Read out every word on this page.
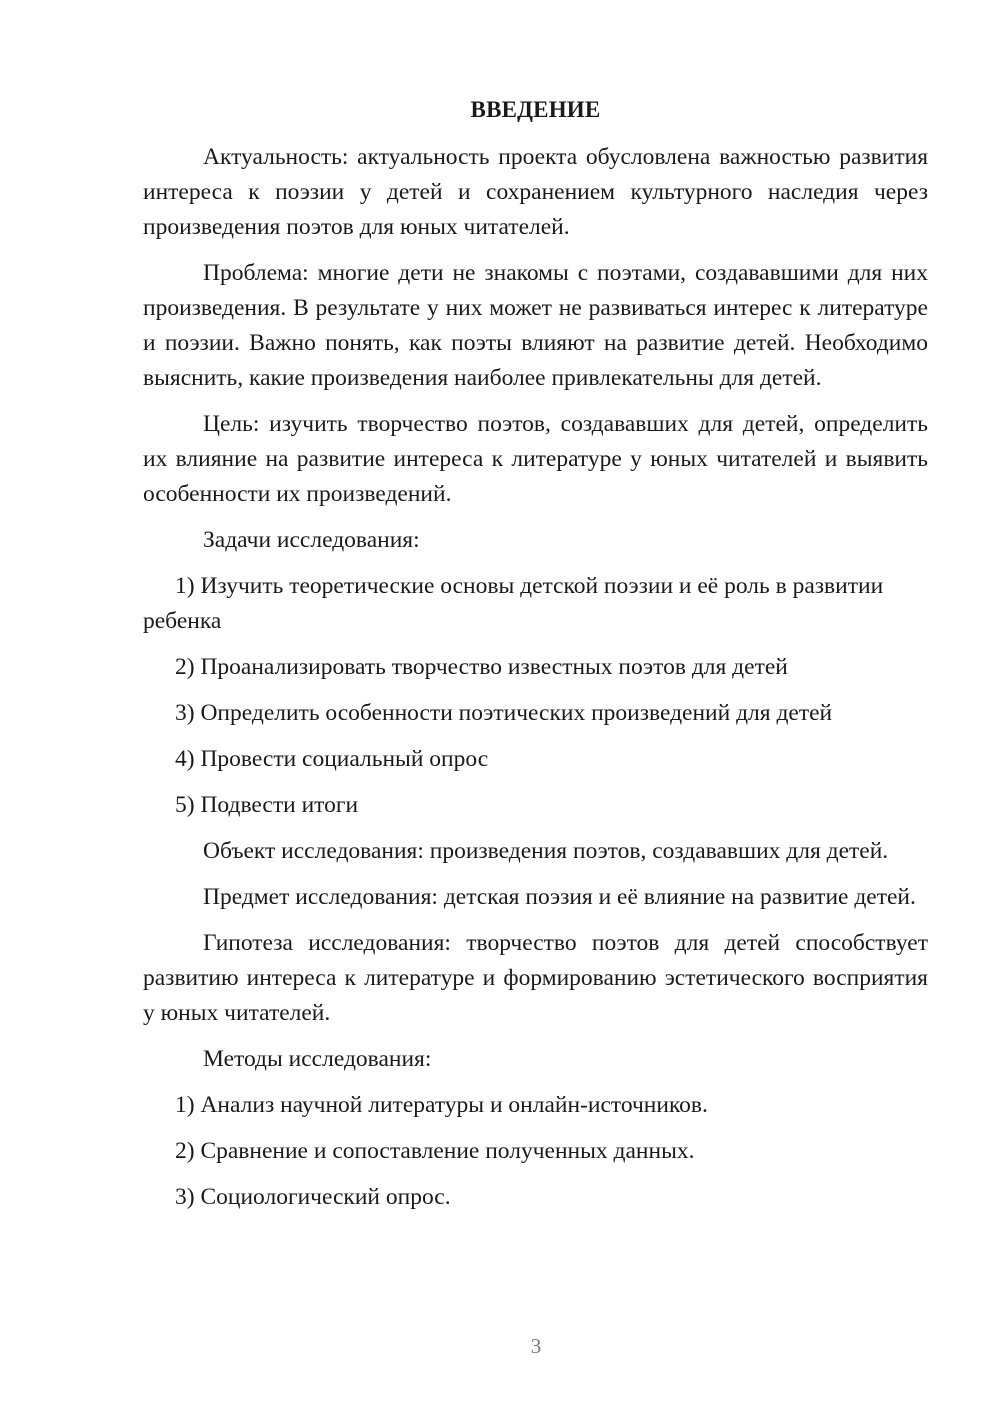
ВВЕДЕНИЕ

Актуальность: актуальность проекта обусловлена важностью развития интереса к поэзии у детей и сохранением культурного наследия через произведения поэтов для юных читателей.

Проблема: многие дети не знакомы с поэтами, создававшими для них произведения. В результате у них может не развиваться интерес к литературе и поэзии. Важно понять, как поэты влияют на развитие детей. Необходимо выяснить, какие произведения наиболее привлекательны для детей.

Цель: изучить творчество поэтов, создававших для детей, определить их влияние на развитие интереса к литературе у юных читателей и выявить особенности их произведений.

Задачи исследования:

1) Изучить теоретические основы детской поэзии и её роль в развитии ребенка

2) Проанализировать творчество известных поэтов для детей

3) Определить особенности поэтических произведений для детей

4) Провести социальный опрос

5) Подвести итоги

Объект исследования: произведения поэтов, создававших для детей.

Предмет исследования: детская поэзия и её влияние на развитие детей.

Гипотеза исследования: творчество поэтов для детей способствует развитию интереса к литературе и формированию эстетического восприятия у юных читателей.

Методы исследования:

1) Анализ научной литературы и онлайн-источников.

2) Сравнение и сопоставление полученных данных.

3) Социологический опрос.

3
